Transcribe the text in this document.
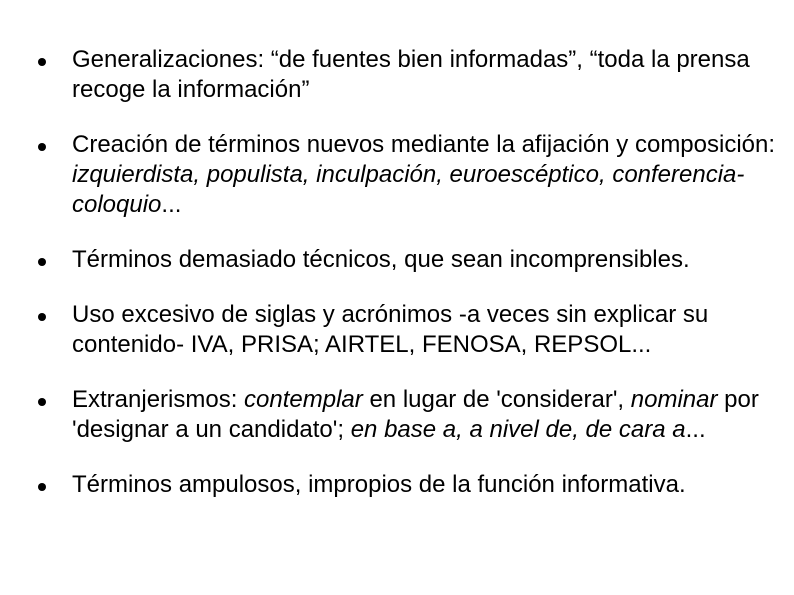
Generalizaciones: “de fuentes bien informadas”, “toda la prensa recoge la información”
Creación de términos nuevos mediante la afijación y composición: izquierdista, populista, inculpación, euroescéptico, conferencia-coloquio...
Términos demasiado técnicos, que sean incomprensibles.
Uso excesivo de siglas y acrónimos -a veces sin explicar su contenido- IVA, PRISA; AIRTEL, FENOSA, REPSOL...
Extranjerismos: contemplar en lugar de 'considerar', nominar por 'designar a un candidato'; en base a, a nivel de, de cara a...
Términos ampulosos, impropios de la función informativa.
